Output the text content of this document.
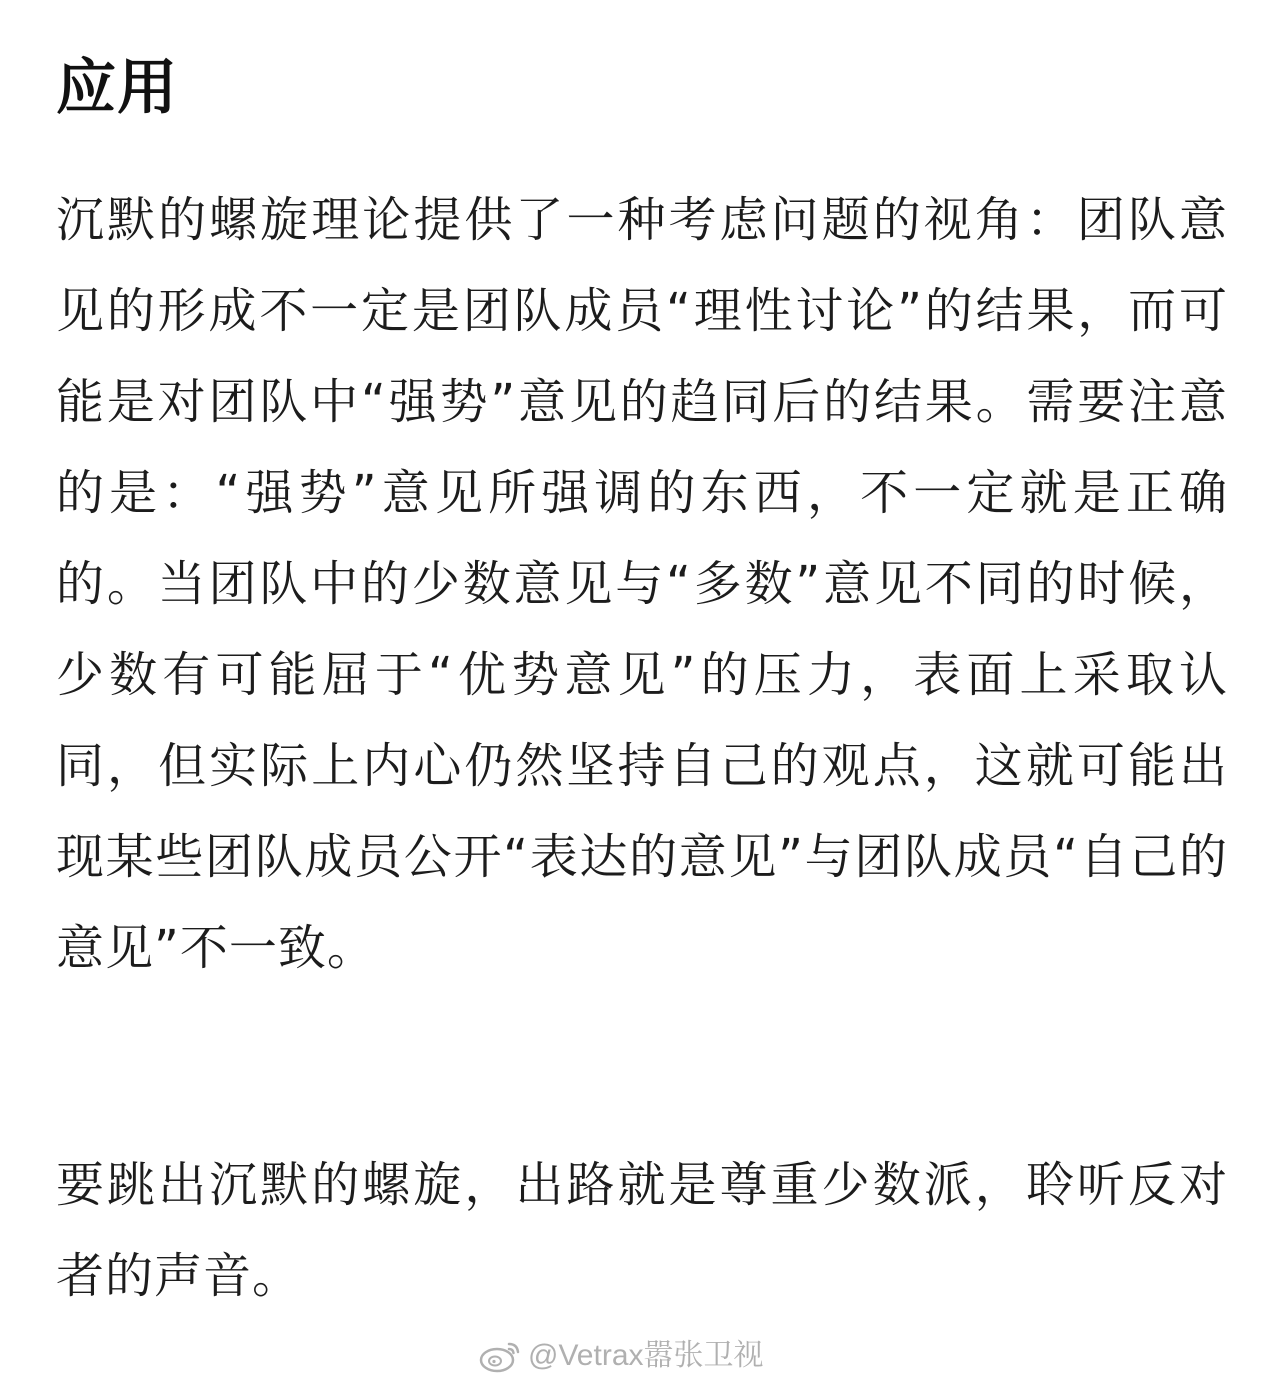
应用

沉默的螺旋理论提供了一种考虑问题的视角：团队意见的形成不一定是团队成员“理性讨论”的结果，而可能是对团队中“强势”意见的趋同后的结果。需要注意的是：“强势”意见所强调的东西，不一定就是正确的。当团队中的少数意见与“多数”意见不同的时候，少数有可能屈于“优势意见”的压力，表面上采取认同，但实际上内心仍然坚持自己的观点，这就可能出现某些团队成员公开“表达的意见”与团队成员“自己的意见”不一致。

要跳出沉默的螺旋，出路就是尊重少数派，聆听反对者的声音。

@Vetrax嚣张卫视
